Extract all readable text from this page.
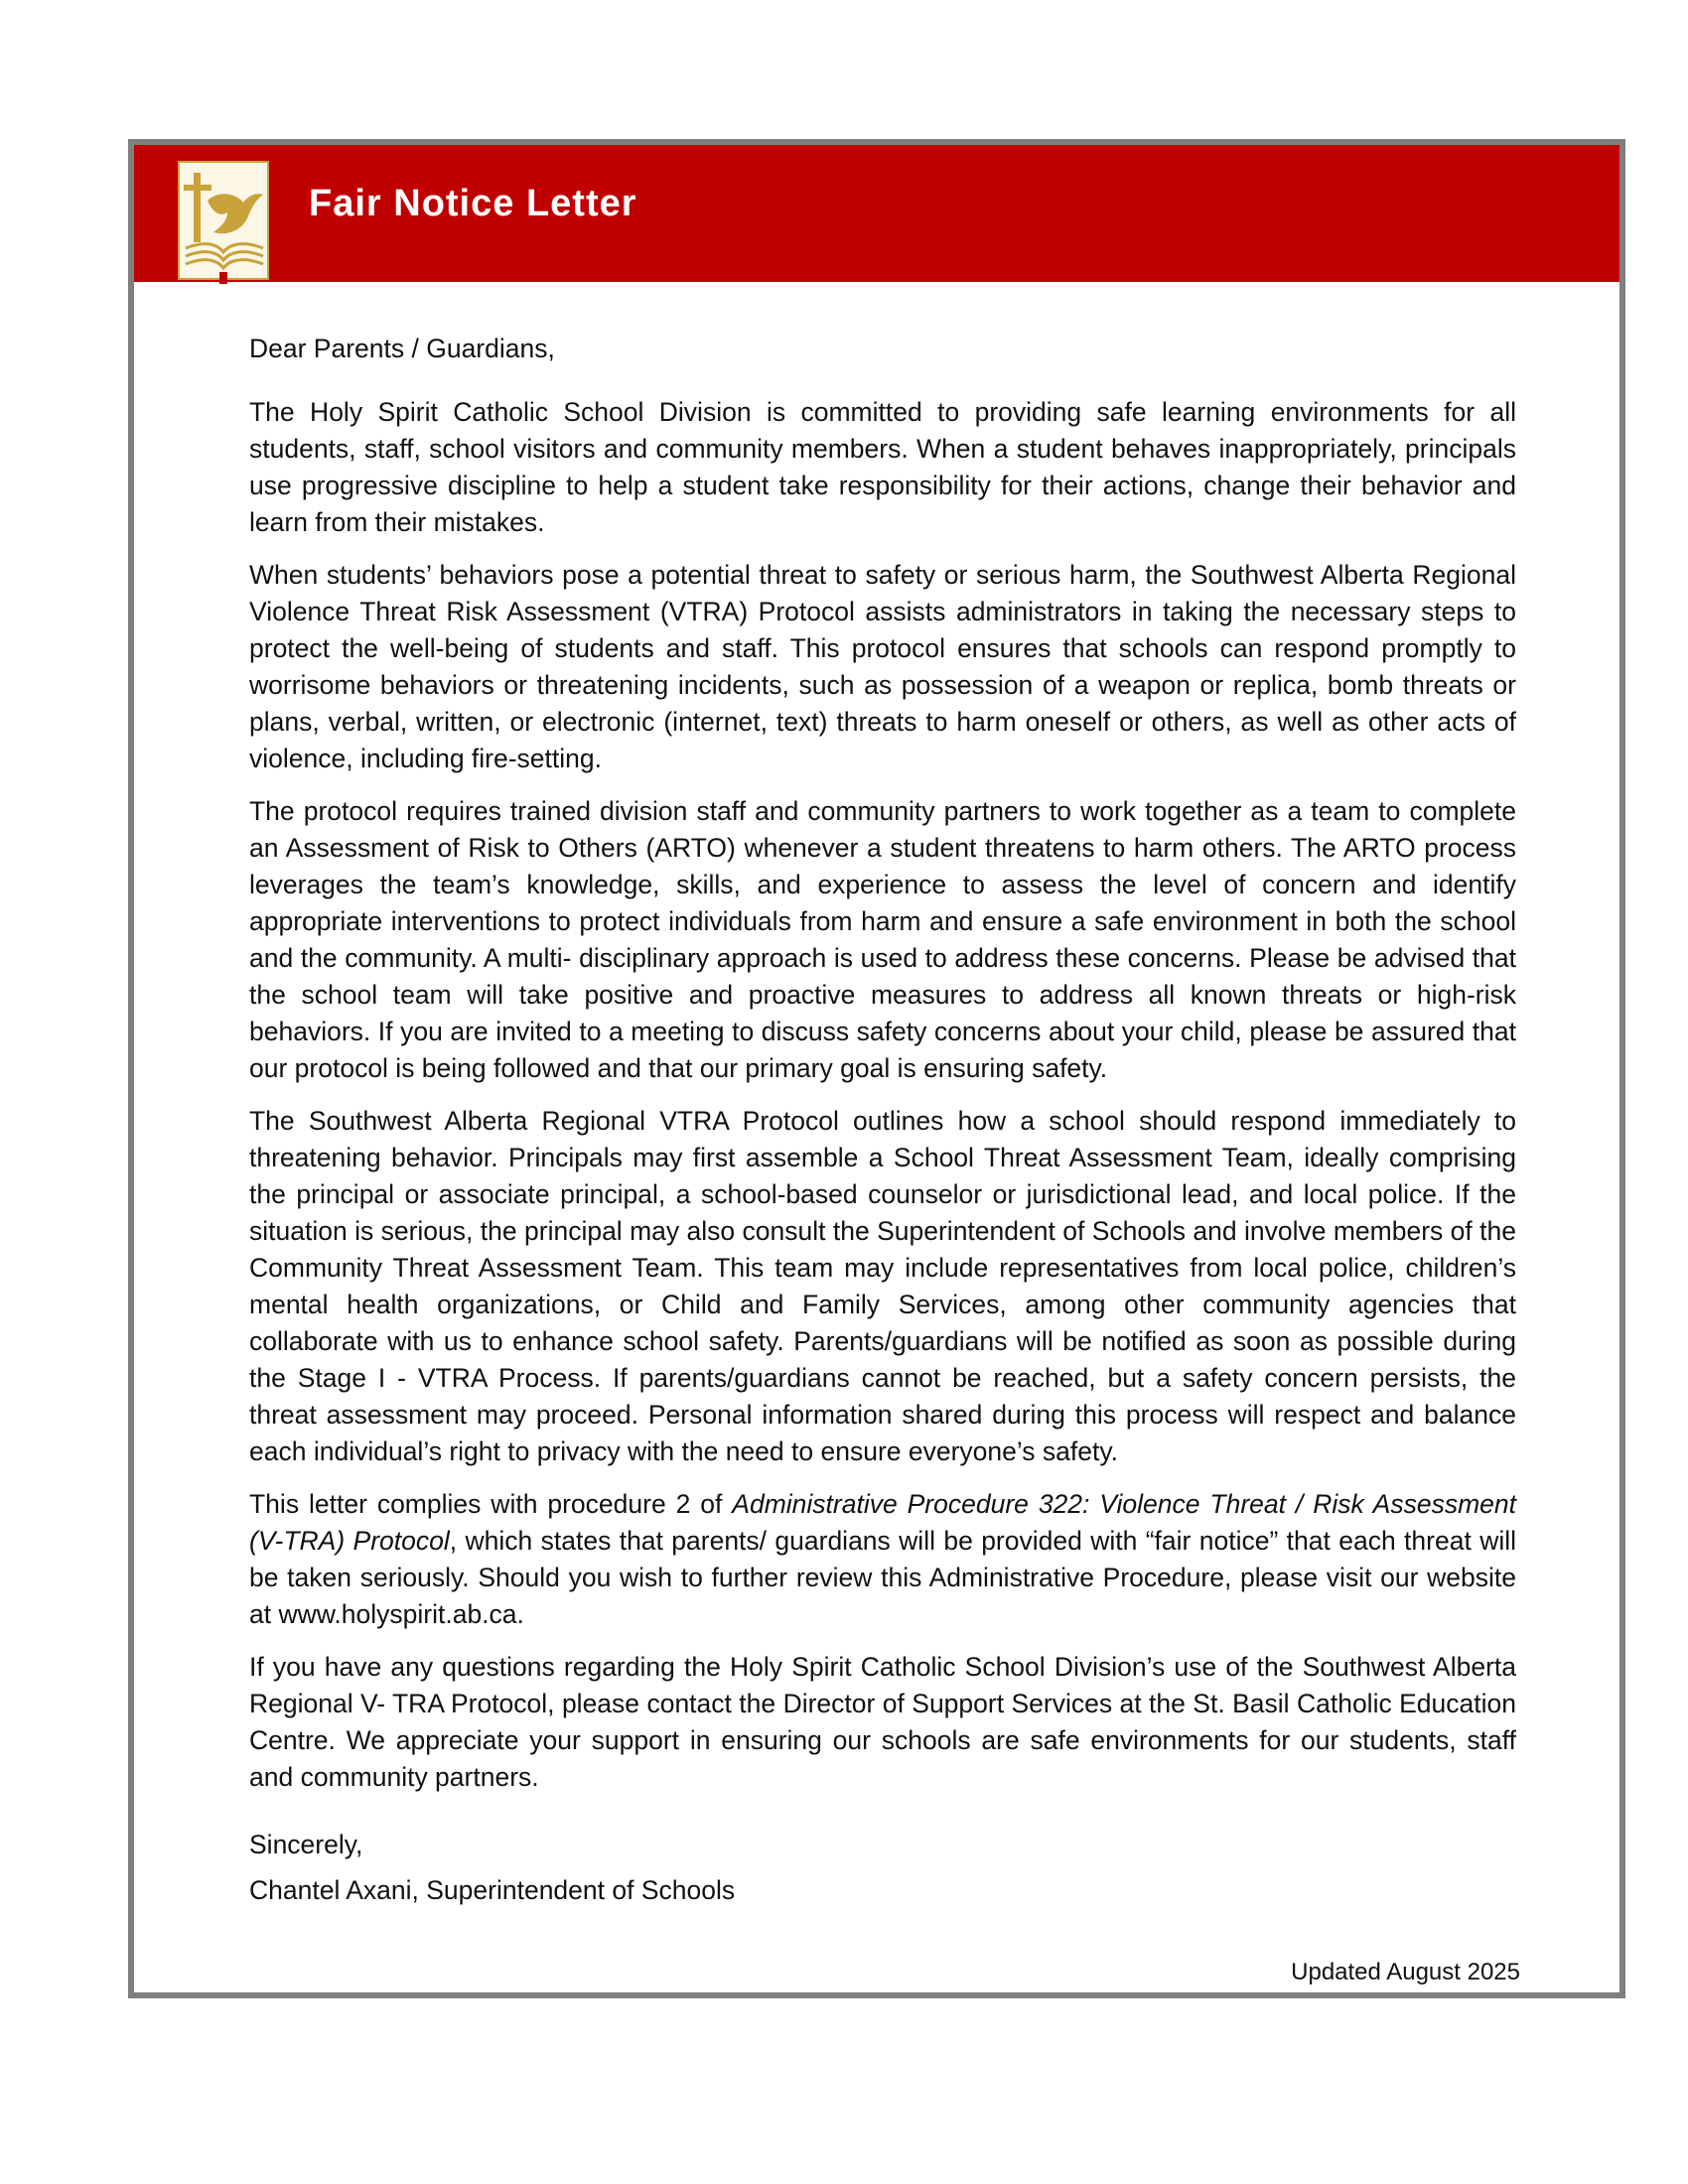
Fair Notice Letter

Dear Parents / Guardians,

The Holy Spirit Catholic School Division is committed to providing safe learning environments for all students, staff, school visitors and community members. When a student behaves inappropriately, principals use progressive discipline to help a student take responsibility for their actions, change their behavior and learn from their mistakes.

When students’ behaviors pose a potential threat to safety or serious harm, the Southwest Alberta Regional Violence Threat Risk Assessment (VTRA) Protocol assists administrators in taking the necessary steps to protect the well-being of students and staff. This protocol ensures that schools can respond promptly to worrisome behaviors or threatening incidents, such as possession of a weapon or replica, bomb threats or plans, verbal, written, or electronic (internet, text) threats to harm oneself or others, as well as other acts of violence, including fire-setting.

The protocol requires trained division staff and community partners to work together as a team to complete an Assessment of Risk to Others (ARTO) whenever a student threatens to harm others. The ARTO process leverages the team’s knowledge, skills, and experience to assess the level of concern and identify appropriate interventions to protect individuals from harm and ensure a safe environment in both the school and the community. A multi- disciplinary approach is used to address these concerns. Please be advised that the school team will take positive and proactive measures to address all known threats or high-risk behaviors. If you are invited to a meeting to discuss safety concerns about your child, please be assured that our protocol is being followed and that our primary goal is ensuring safety.

The Southwest Alberta Regional VTRA Protocol outlines how a school should respond immediately to threatening behavior. Principals may first assemble a School Threat Assessment Team, ideally comprising the principal or associate principal, a school-based counselor or jurisdictional lead, and local police. If the situation is serious, the principal may also consult the Superintendent of Schools and involve members of the Community Threat Assessment Team. This team may include representatives from local police, children’s mental health organizations, or Child and Family Services, among other community agencies that collaborate with us to enhance school safety. Parents/guardians will be notified as soon as possible during the Stage I - VTRA Process. If parents/guardians cannot be reached, but a safety concern persists, the threat assessment may proceed. Personal information shared during this process will respect and balance each individual’s right to privacy with the need to ensure everyone’s safety.

This letter complies with procedure 2 of Administrative Procedure 322: Violence Threat / Risk Assessment (V-TRA) Protocol, which states that parents/ guardians will be provided with “fair notice” that each threat will be taken seriously. Should you wish to further review this Administrative Procedure, please visit our website at www.holyspirit.ab.ca.

If you have any questions regarding the Holy Spirit Catholic School Division’s use of the Southwest Alberta Regional V- TRA Protocol, please contact the Director of Support Services at the St. Basil Catholic Education Centre. We appreciate your support in ensuring our schools are safe environments for our students, staff and community partners.

Sincerely,
Chantel Axani, Superintendent of Schools
Updated August 2025
